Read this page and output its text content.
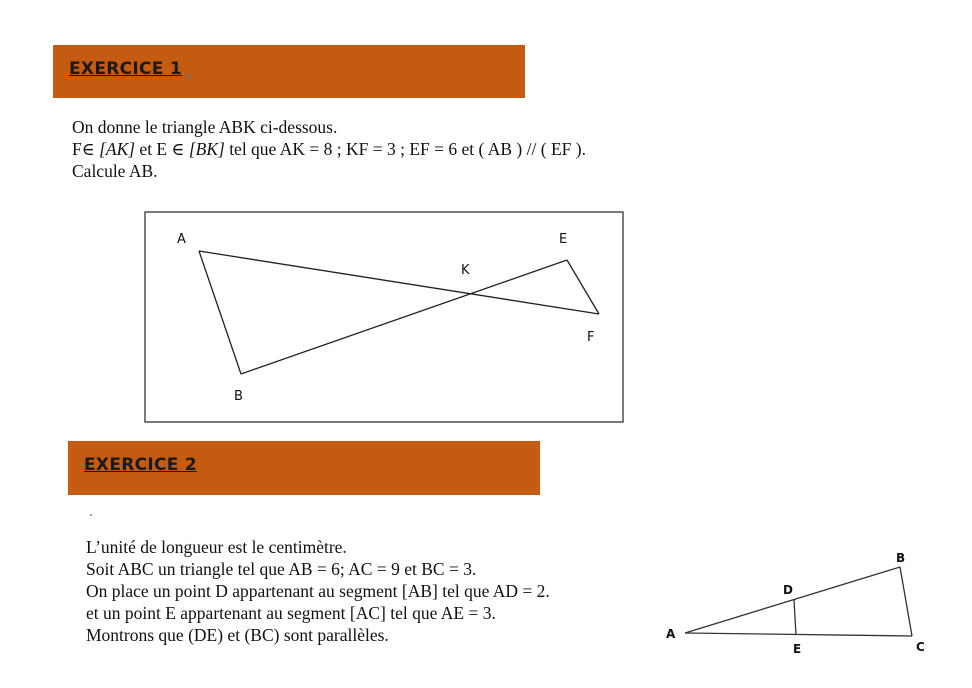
EXERCICE 1
On donne le triangle ABK ci-dessous.
F∈ [AK] et E ∈ [BK] tel que AK = 8 ; KF = 3 ; EF = 6 et ( AB ) // ( EF ).
Calcule AB.
A
B
K
E
F
EXERCICE 2
L’unité de longueur est le centimètre.
Soit ABC un triangle tel que AB = 6; AC = 9 et BC = 3.
On place un point D appartenant au segment [AB] tel que AD = 2.
et un point E appartenant au segment [AC] tel que AE = 3.
Montrons que (DE) et (BC) sont parallèles.	A
B
C
D
E
